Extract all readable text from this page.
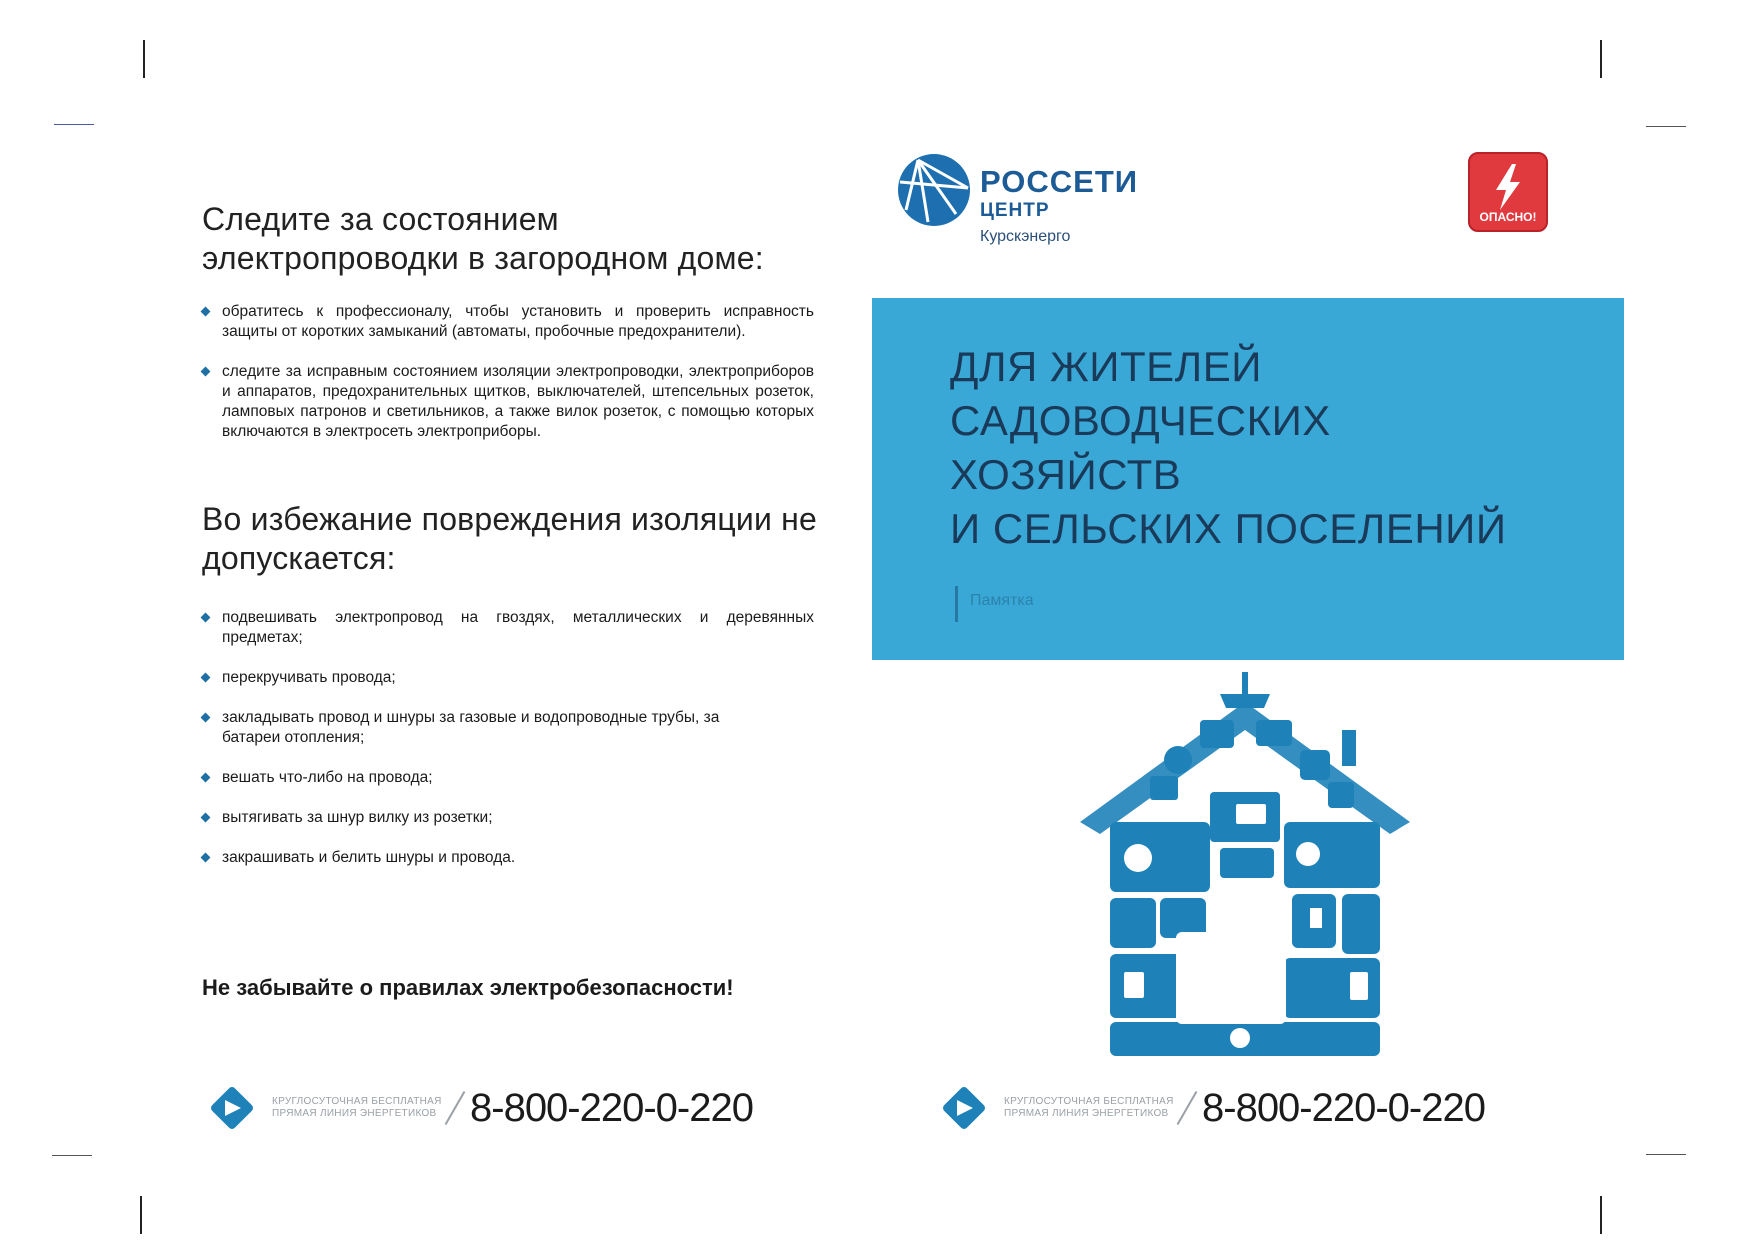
Следите за состоянием электропроводки в загородном доме:
обратитесь к профессионалу, чтобы установить и проверить исправность защиты от коротких замыканий (автоматы, пробочные предохранители).
следите за исправным состоянием изоляции электропроводки, электроприборов и аппаратов, предохранительных щитков, выключателей, штепсельных розеток, ламповых патронов и светильников, а также вилок розеток, с помощью которых включаются в электросеть электроприборы.
Во избежание повреждения изоляции не допускается:
подвешивать электропровод на гвоздях, металлических и деревянных предметах;
перекручивать провода;
закладывать провод и шнуры за газовые и водопроводные трубы, за батареи отопления;
вешать что-либо на провода;
вытягивать за шнур вилку из розетки;
закрашивать и белить шнуры и провода.
Не забывайте о правилах электробезопасности!
КРУГЛОСУТОЧНАЯ БЕСПЛАТНАЯ
ПРЯМАЯ ЛИНИЯ ЭНЕРГЕТИКОВ 8-800-220-0-220
РОССЕТИ
ЦЕНТР
Курскэнерго
ОПАСНО!
ДЛЯ ЖИТЕЛЕЙ
САДОВОДЧЕСКИХ
ХОЗЯЙСТВ
И СЕЛЬСКИХ ПОСЕЛЕНИЙ
Памятка
КРУГЛОСУТОЧНАЯ БЕСПЛАТНАЯ
ПРЯМАЯ ЛИНИЯ ЭНЕРГЕТИКОВ 8-800-220-0-220
